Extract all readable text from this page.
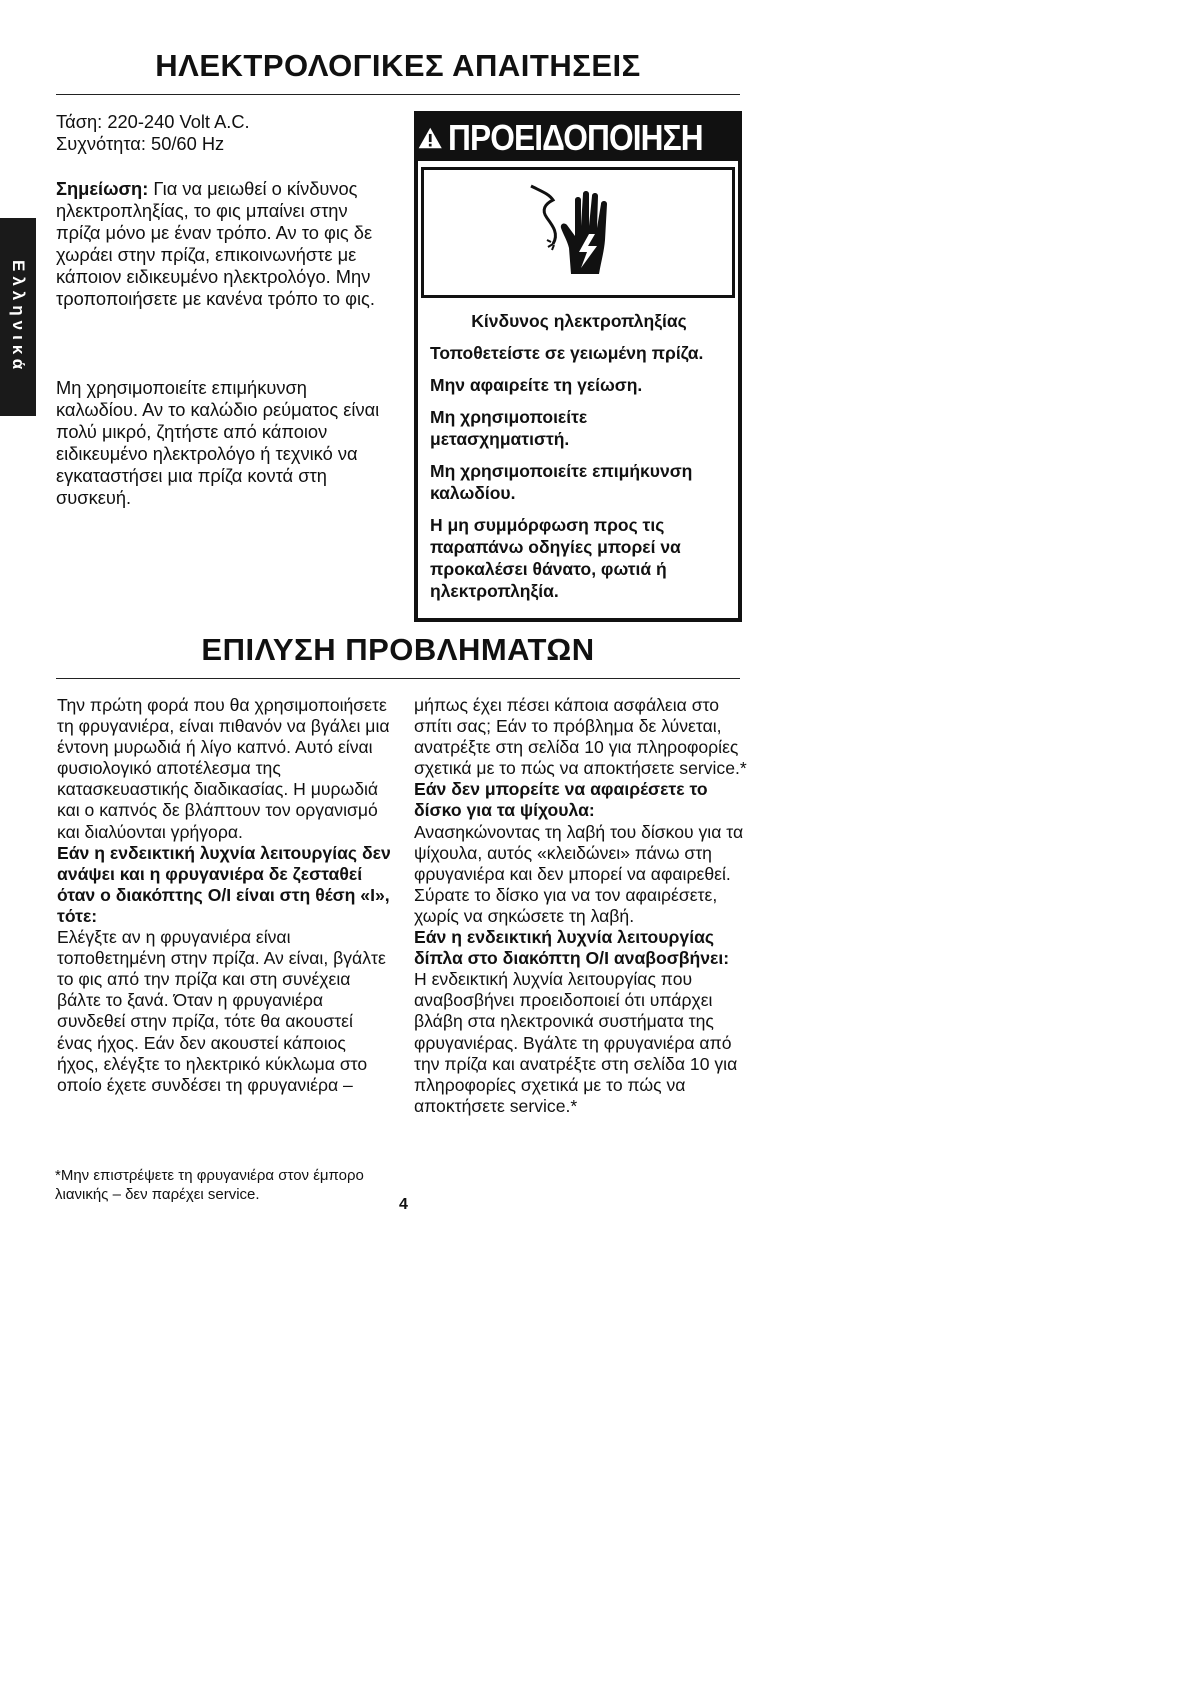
Ελληνικά
ΗΛΕΚΤΡΟΛΟΓΙΚΕΣ ΑΠΑΙΤΗΣΕΙΣ

Τάση: 220-240 Volt A.C.

Συχνότητα: 50/60 Hz

Σημείωση: Για να μειωθεί ο κίνδυνος ηλεκτροπληξίας, το φις μπαίνει στην πρίζα μόνο με έναν τρόπο. Αν το φις δε χωράει στην πρίζα, επικοινωνήστε με κάποιον ειδικευμένο ηλεκτρολόγο. Μην τροποποιήσετε με κανένα τρόπο το φις.
Μη χρησιμοποιείτε επιμήκυνση καλωδίου. Αν το καλώδιο ρεύματος είναι πολύ μικρό, ζητήστε από κάποιον ειδικευμένο ηλεκτρολόγο ή τεχνικό να εγκαταστήσει μια πρίζα κοντά στη συσκευή.
ΠΡΟΕΙΔΟΠΟΙΗΣΗ
Κίνδυνος ηλεκτροπληξίας

Τοποθετείστε σε γειωμένη πρίζα.

Μην αφαιρείτε τη γείωση.

Μη χρησιμοποιείτε μετασχηματιστή.

Μη χρησιμοποιείτε επιμήκυνση καλωδίου.

Η μη συμμόρφωση προς τις παραπάνω οδηγίες μπορεί να προκαλέσει θάνατο, φωτιά ή ηλεκτροπληξία.

ΕΠΙΛΥΣΗ ΠΡΟΒΛΗΜΑΤΩΝ

Την πρώτη φορά που θα χρησιμοποιήσετε τη φρυγανιέρα, είναι πιθανόν να βγάλει μια έντονη μυρωδιά ή λίγο καπνό. Αυτό είναι φυσιολογικό αποτέλεσμα της κατασκευαστικής διαδικασίας. Η μυρωδιά και ο καπνός δε βλάπτουν τον οργανισμό και διαλύονται γρήγορα.

Εάν η ενδεικτική λυχνία λειτουργίας δεν ανάψει και η φρυγανιέρα δε ζεσταθεί όταν ο διακόπτης O/I είναι στη θέση «I», τότε:

Ελέγξτε αν η φρυγανιέρα είναι τοποθετημένη στην πρίζα. Αν είναι, βγάλτε το φις από την πρίζα και στη συνέχεια βάλτε το ξανά. Όταν η φρυγανιέρα συνδεθεί στην πρίζα, τότε θα ακουστεί ένας ήχος. Εάν δεν ακουστεί κάποιος ήχος, ελέγξτε το ηλεκτρικό κύκλωμα στο οποίο έχετε συνδέσει τη φρυγανιέρα –

μήπως έχει πέσει κάποια ασφάλεια στο σπίτι σας; Εάν το πρόβλημα δε λύνεται, ανατρέξτε στη σελίδα 10 για πληροφορίες σχετικά με το πώς να αποκτήσετε service.*

Εάν δεν μπορείτε να αφαιρέσετε το δίσκο για τα ψίχουλα:

Ανασηκώνοντας τη λαβή του δίσκου για τα ψίχουλα, αυτός «κλειδώνει» πάνω στη φρυγανιέρα και δεν μπορεί να αφαιρεθεί. Σύρατε το δίσκο για να τον αφαιρέσετε, χωρίς να σηκώσετε τη λαβή.

Εάν η ενδεικτική λυχνία λειτουργίας δίπλα στο διακόπτη O/I αναβοσβήνει:

Η ενδεικτική λυχνία λειτουργίας που αναβοσβήνει προειδοποιεί ότι υπάρχει βλάβη στα ηλεκτρονικά συστήματα της φρυγανιέρας. Βγάλτε τη φρυγανιέρα από την πρίζα και ανατρέξτε στη σελίδα 10 για πληροφορίες σχετικά με το πώς να αποκτήσετε service.*

*Μην επιστρέψετε τη φρυγανιέρα στον έμπορο λιανικής – δεν παρέχει service.

4
